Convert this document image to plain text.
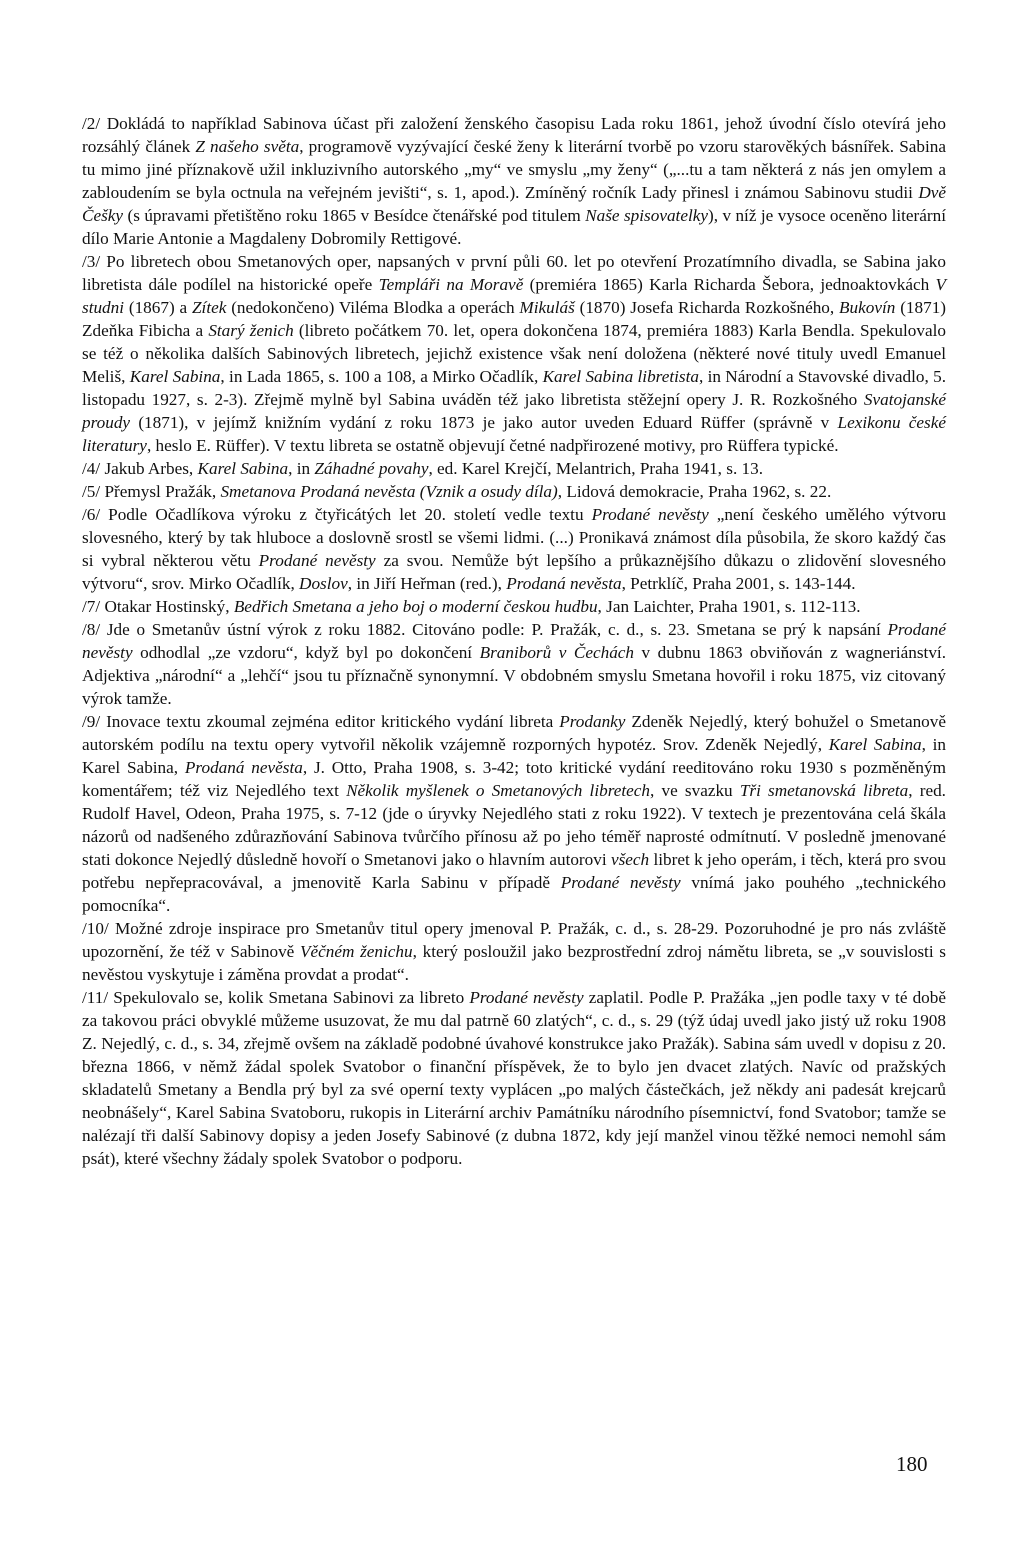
/2/ Dokládá to například Sabinova účast při založení ženského časopisu Lada roku 1861, jehož úvodní číslo otevírá jeho rozsáhlý článek Z našeho světa, programově vyzývající české ženy k literární tvorbě po vzoru starověkých básnířek. Sabina tu mimo jiné příznakově užil inkluzivního autorského „my“ ve smyslu „my ženy“ („...tu a tam některá z nás jen omylem a zabloudením se byla octnula na veřejném jevišti“, s. 1, apod.). Zmíněný ročník Lady přinesl i známou Sabinovu studii Dvě Češky (s úpravami přetištěno roku 1865 v Besídce čtenářské pod titulem Naše spisovatelky), v níž je vysoce oceněno literární dílo Marie Antonie a Magdaleny Dobromily Rettigové.

/3/ Po libretech obou Smetanových oper, napsaných v první půli 60. let po otevření Prozatímního divadla, se Sabina jako libretista dále podílel na historické opeře Templáři na Moravě (premiéra 1865) Karla Richarda Šebora, jednoaktovkách V studni (1867) a Zítek (nedokončeno) Viléma Blodka a operách Mikuláš (1870) Josefa Richarda Rozkošného, Bukovín (1871) Zdeňka Fibicha a Starý ženich (libreto počátkem 70. let, opera dokončena 1874, premiéra 1883) Karla Bendla. Spekulovalo se též o několika dalších Sabinových libretech, jejichž existence však není doložena (některé nové tituly uvedl Emanuel Meliš, Karel Sabina, in Lada 1865, s. 100 a 108, a Mirko Očadlík, Karel Sabina libretista, in Národní a Stavovské divadlo, 5. listopadu 1927, s. 2-3). Zřejmě mylně byl Sabina uváděn též jako libretista stěžejní opery J. R. Rozkošného Svatojanské proudy (1871), v jejímž knižním vydání z roku 1873 je jako autor uveden Eduard Rüffer (správně v Lexikonu české literatury, heslo E. Rüffer). V textu libreta se ostatně objevují četné nadpřirozené motivy, pro Rüffera typické.

/4/ Jakub Arbes, Karel Sabina, in Záhadné povahy, ed. Karel Krejčí, Melantrich, Praha 1941, s. 13.

/5/ Přemysl Pražák, Smetanova Prodaná nevěsta (Vznik a osudy díla), Lidová demokracie, Praha 1962, s. 22.

/6/ Podle Očadlíkova výroku z čtyřicátých let 20. století vedle textu Prodané nevěsty „není českého umělého výtvoru slovesného, který by tak hluboce a doslovně srostl se všemi lidmi. (...) Pronikavá známost díla působila, že skoro každý čas si vybral některou větu Prodané nevěsty za svou. Nemůže být lepšího a průkaznějšího důkazu o zlidovění slovesného výtvoru“, srov. Mirko Očadlík, Doslov, in Jiří Heřman (red.), Prodaná nevěsta, Petrklíč, Praha 2001, s. 143-144.

/7/ Otakar Hostinský, Bedřich Smetana a jeho boj o moderní českou hudbu, Jan Laichter, Praha 1901, s. 112-113.

/8/ Jde o Smetanův ústní výrok z roku 1882. Citováno podle: P. Pražák, c. d., s. 23. Smetana se prý k napsání Prodané nevěsty odhodlal „ze vzdoru“, když byl po dokončení Braniborů v Čechách v dubnu 1863 obviňován z wagneriánství. Adjektiva „národní“ a „lehčí“ jsou tu příznačně synonymní. V obdobném smyslu Smetana hovořil i roku 1875, viz citovaný výrok tamže.

/9/ Inovace textu zkoumal zejména editor kritického vydání libreta Prodanky Zdeněk Nejedlý, který bohužel o Smetanově autorském podílu na textu opery vytvořil několik vzájemně rozporných hypotéz. Srov. Zdeněk Nejedlý, Karel Sabina, in Karel Sabina, Prodaná nevěsta, J. Otto, Praha 1908, s. 3-42; toto kritické vydání reeditováno roku 1930 s pozměněným komentářem; též viz Nejedlého text Několik myšlenek o Smetanových libretech, ve svazku Tři smetanovská libreta, red. Rudolf Havel, Odeon, Praha 1975, s. 7-12 (jde o úryvky Nejedlého stati z roku 1922). V textech je prezentována celá škála názorů od nadšeného zdůrazňování Sabinova tvůrčího přínosu až po jeho téměř naprosté odmítnutí. V posledně jmenované stati dokonce Nejedlý důsledně hovoří o Smetanovi jako o hlavním autorovi všech libret k jeho operám, i těch, která pro svou potřebu nepřepracovával, a jmenovitě Karla Sabinu v případě Prodané nevěsty vnímá jako pouhého „technického pomocníka“.

/10/ Možné zdroje inspirace pro Smetanův titul opery jmenoval P. Pražák, c. d., s. 28-29. Pozoruhodné je pro nás zvláště upozornění, že též v Sabinově Věčném ženichu, který posloužil jako bezprostřední zdroj námětu libreta, se „v souvislosti s nevěstou vyskytuje i záměna provdat a prodat“.

/11/ Spekulovalo se, kolik Smetana Sabinovi za libreto Prodané nevěsty zaplatil. Podle P. Pražáka „jen podle taxy v té době za takovou práci obvyklé můžeme usuzovat, že mu dal patrně 60 zlatých“, c. d., s. 29 (týž údaj uvedl jako jistý už roku 1908 Z. Nejedlý, c. d., s. 34, zřejmě ovšem na základě podobné úvahové konstrukce jako Pražák). Sabina sám uvedl v dopisu z 20. března 1866, v němž žádal spolek Svatobor o finanční příspěvek, že to bylo jen dvacet zlatých. Navíc od pražských skladatelů Smetany a Bendla prý byl za své operní texty vyplácen „po malých částečkách, jež někdy ani padesát krejcarů neobnášely“, Karel Sabina Svatoboru, rukopis in Literární archiv Památníku národního písemnictví, fond Svatobor; tamže se nalézají tři další Sabinovy dopisy a jeden Josefy Sabinové (z dubna 1872, kdy její manžel vinou těžké nemoci nemohl sám psát), které všechny žádaly spolek Svatobor o podporu.

180
